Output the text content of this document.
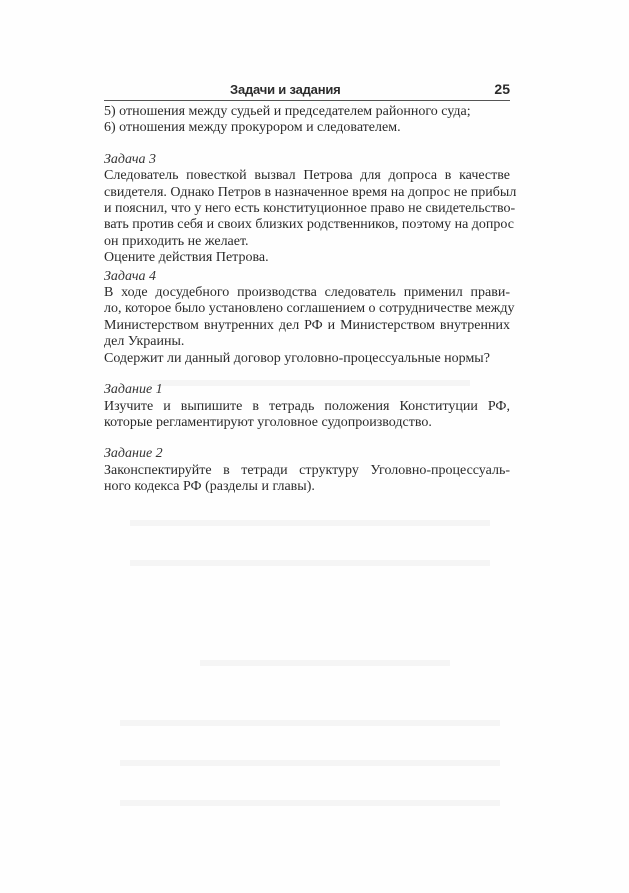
Задачи и задания	25
5) отношения между судьей и председателем районного суда;
6) отношения между прокурором и следователем.
Задача 3
Следователь повесткой вызвал Петрова для допроса в качестве
свидетеля. Однако Петров в назначенное время на допрос не прибыл
и пояснил, что у него есть конституционное право не свидетельство-
вать против себя и своих близких родственников, поэтому на допрос
он приходить не желает.
Оцените действия Петрова.
Задача 4
В ходе досудебного производства следователь применил прави-
ло, которое было установлено соглашением о сотрудничестве между
Министерством внутренних дел РФ и Министерством внутренних
дел Украины.
Содержит ли данный договор уголовно-процессуальные нормы?
Задание 1
Изучите и выпишите в тетрадь положения Конституции РФ,
которые регламентируют уголовное судопроизводство.
Задание 2
Законспектируйте в тетради структуру Уголовно-процессуаль-
ного кодекса РФ (разделы и главы).
